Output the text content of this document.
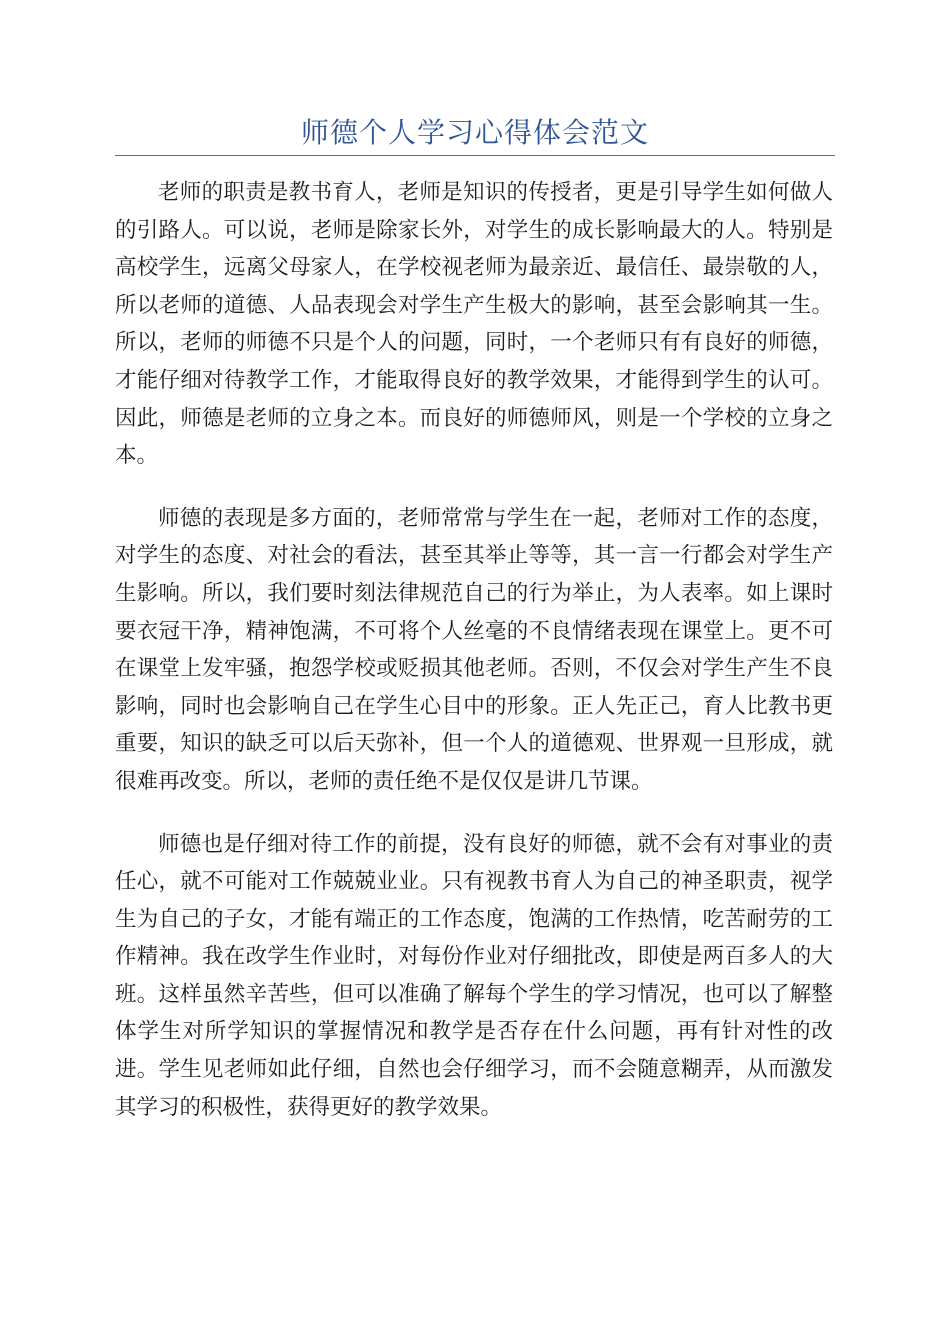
师德个人学习心得体会范文

老师的职责是教书育人，老师是知识的传授者，更是引导学生如何做人的引路人。可以说，老师是除家长外，对学生的成长影响最大的人。特别是高校学生，远离父母家人，在学校视老师为最亲近、最信任、最崇敬的人，所以老师的道德、人品表现会对学生产生极大的影响，甚至会影响其一生。所以，老师的师德不只是个人的问题，同时，一个老师只有有良好的师德，才能仔细对待教学工作，才能取得良好的教学效果，才能得到学生的认可。因此，师德是老师的立身之本。而良好的师德师风，则是一个学校的立身之本。

师德的表现是多方面的，老师常常与学生在一起，老师对工作的态度，对学生的态度、对社会的看法，甚至其举止等等，其一言一行都会对学生产生影响。所以，我们要时刻法律规范自己的行为举止，为人表率。如上课时要衣冠干净，精神饱满，不可将个人丝毫的不良情绪表现在课堂上。更不可在课堂上发牢骚，抱怨学校或贬损其他老师。否则，不仅会对学生产生不良影响，同时也会影响自己在学生心目中的形象。正人先正己，育人比教书更重要，知识的缺乏可以后天弥补，但一个人的道德观、世界观一旦形成，就很难再改变。所以，老师的责任绝不是仅仅是讲几节课。

师德也是仔细对待工作的前提，没有良好的师德，就不会有对事业的责任心，就不可能对工作兢兢业业。只有视教书育人为自己的神圣职责，视学生为自己的子女，才能有端正的工作态度，饱满的工作热情，吃苦耐劳的工作精神。我在改学生作业时，对每份作业对仔细批改，即使是两百多人的大班。这样虽然辛苦些，但可以准确了解每个学生的学习情况，也可以了解整体学生对所学知识的掌握情况和教学是否存在什么问题，再有针对性的改进。学生见老师如此仔细，自然也会仔细学习，而不会随意糊弄，从而激发其学习的积极性，获得更好的教学效果。
